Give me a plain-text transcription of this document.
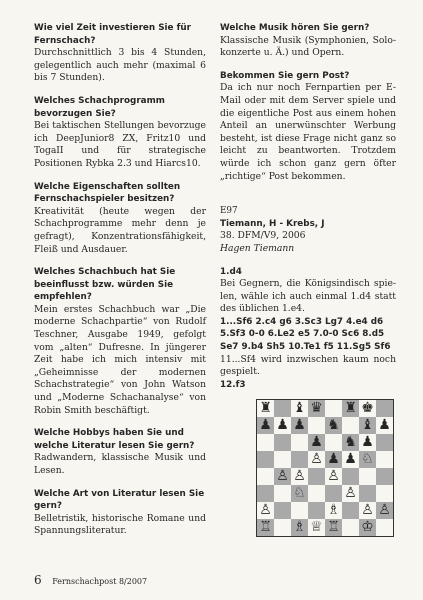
Wie viel Zeit investieren Sie für Fernschach?
Durchschnittlich 3 bis 4 Stunden, gelegentlich auch mehr (maximal 6 bis 7 Stunden).
Welches Schachprogramm bevorzugen Sie?
Bei taktischen Stellungen bevorzuge ich DeepJunior8 ZX, Fritz10 und TogaII und für strategische Positionen Rybka 2.3 und Hiarcs10.
Welche Eigenschaften sollten Fernschachspieler besitzen?
Kreativität (heute wegen der Schachprogramme mehr denn je gefragt), Konzentrationsfähigkeit, Fleiß und Ausdauer.
Welches Schachbuch hat Sie beeinflusst bzw. würden Sie empfehlen?
Mein erstes Schachbuch war „Die moderne Schachpartie“ von Rudolf Teschner, Ausgabe 1949, gefolgt vom „alten“ Dufresne. In jüngerer Zeit habe ich mich intensiv mit „Geheimnisse der modernen Schachstrategie“ von John Watson und „Moderne Schachanalyse“ von Robin Smith beschäftigt.
Welche Hobbys haben Sie und welche Literatur lesen Sie gern?
Radwandern, klassische Musik und Lesen.
Welche Art von Literatur lesen Sie gern?
Belletristik, historische Romane und Spannungsliteratur.
Welche Musik hören Sie gern?
Klassische Musik (Symphonien, Solokonzerte u. Ä.) und Opern.
Bekommen Sie gern Post?
Da ich nur noch Fernpartien per E-Mail oder mit dem Server spiele und die eigentliche Post aus einem hohen Anteil an unerwünschter Werbung besteht, ist diese Frage nicht ganz so leicht zu beantworten. Trotzdem würde ich schon ganz gern öfter „richtige“ Post bekommen.

E97

Tiemann, H - Krebs, J

38. DFM/V9, 2006

Hagen Tiemann

1.d4

Bei Gegnern, die Königsindisch spielen, wähle ich auch einmal 1.d4 statt des üblichen 1.e4.

1...Sf6 2.c4 g6 3.Sc3 Lg7 4.e4 d6 5.Sf3 0-0 6.Le2 e5 7.0-0 Sc6 8.d5 Se7 9.b4 Sh5 10.Te1 f5 11.Sg5 Sf6

11...Sf4 wird inzwischen kaum noch gespielt.

12.f3

♜ ♝ ♛ ♜ ♚
♟ ♟ ♟ ♞ ♝ ♟
♟ ♞ ♟
♙ ♟ ♟ ♘
♙ ♙ ♙
♘	♙
♙	♗ ♙ ♙
♖ ♗ ♕ ♖ ♔
6 Fernschachpost 8/2007
